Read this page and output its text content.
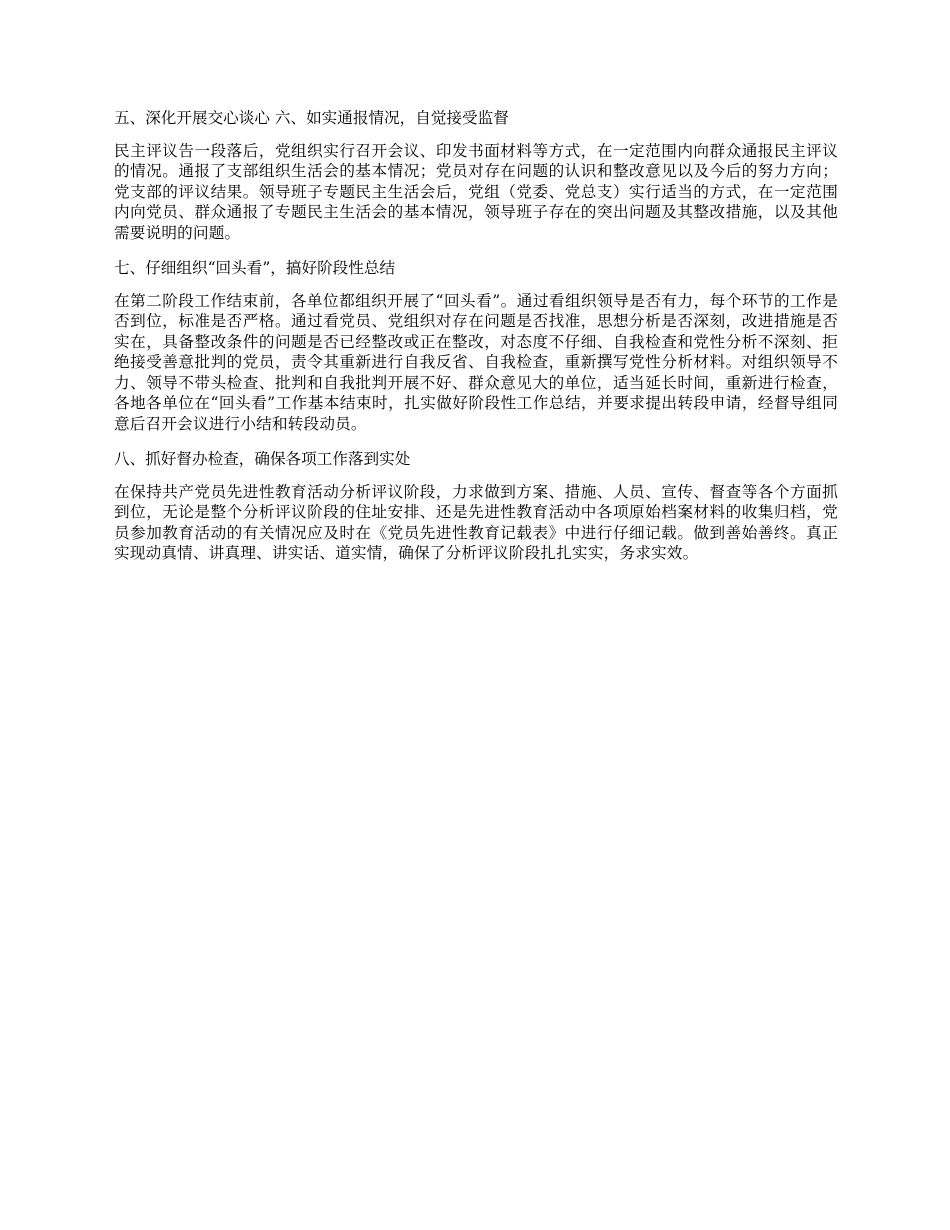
五、深化开展交心谈心 六、如实通报情况，自觉接受监督

民主评议告一段落后，党组织实行召开会议、印发书面材料等方式，在一定范围内向群众通报民主评议的情况。通报了支部组织生活会的基本情况；党员对存在问题的认识和整改意见以及今后的努力方向；党支部的评议结果。领导班子专题民主生活会后，党组（党委、党总支）实行适当的方式，在一定范围内向党员、群众通报了专题民主生活会的基本情况，领导班子存在的突出问题及其整改措施，以及其他需要说明的问题。

七、仔细组织“回头看”，搞好阶段性总结

在第二阶段工作结束前，各单位都组织开展了“回头看”。通过看组织领导是否有力，每个环节的工作是否到位，标准是否严格。通过看党员、党组织对存在问题是否找准，思想分析是否深刻，改进措施是否实在，具备整改条件的问题是否已经整改或正在整改，对态度不仔细、自我检查和党性分析不深刻、拒绝接受善意批判的党员，责令其重新进行自我反省、自我检查，重新撰写党性分析材料。对组织领导不力、领导不带头检查、批判和自我批判开展不好、群众意见大的单位，适当延长时间，重新进行检查，各地各单位在“回头看”工作基本结束时，扎实做好阶段性工作总结，并要求提出转段申请，经督导组同意后召开会议进行小结和转段动员。

八、抓好督办检查，确保各项工作落到实处

在保持共产党员先进性教育活动分析评议阶段，力求做到方案、措施、人员、宣传、督查等各个方面抓到位，无论是整个分析评议阶段的住址安排、还是先进性教育活动中各项原始档案材料的收集归档，党员参加教育活动的有关情况应及时在《党员先进性教育记载表》中进行仔细记载。做到善始善终。真正实现动真情、讲真理、讲实话、道实情，确保了分析评议阶段扎扎实实，务求实效。
